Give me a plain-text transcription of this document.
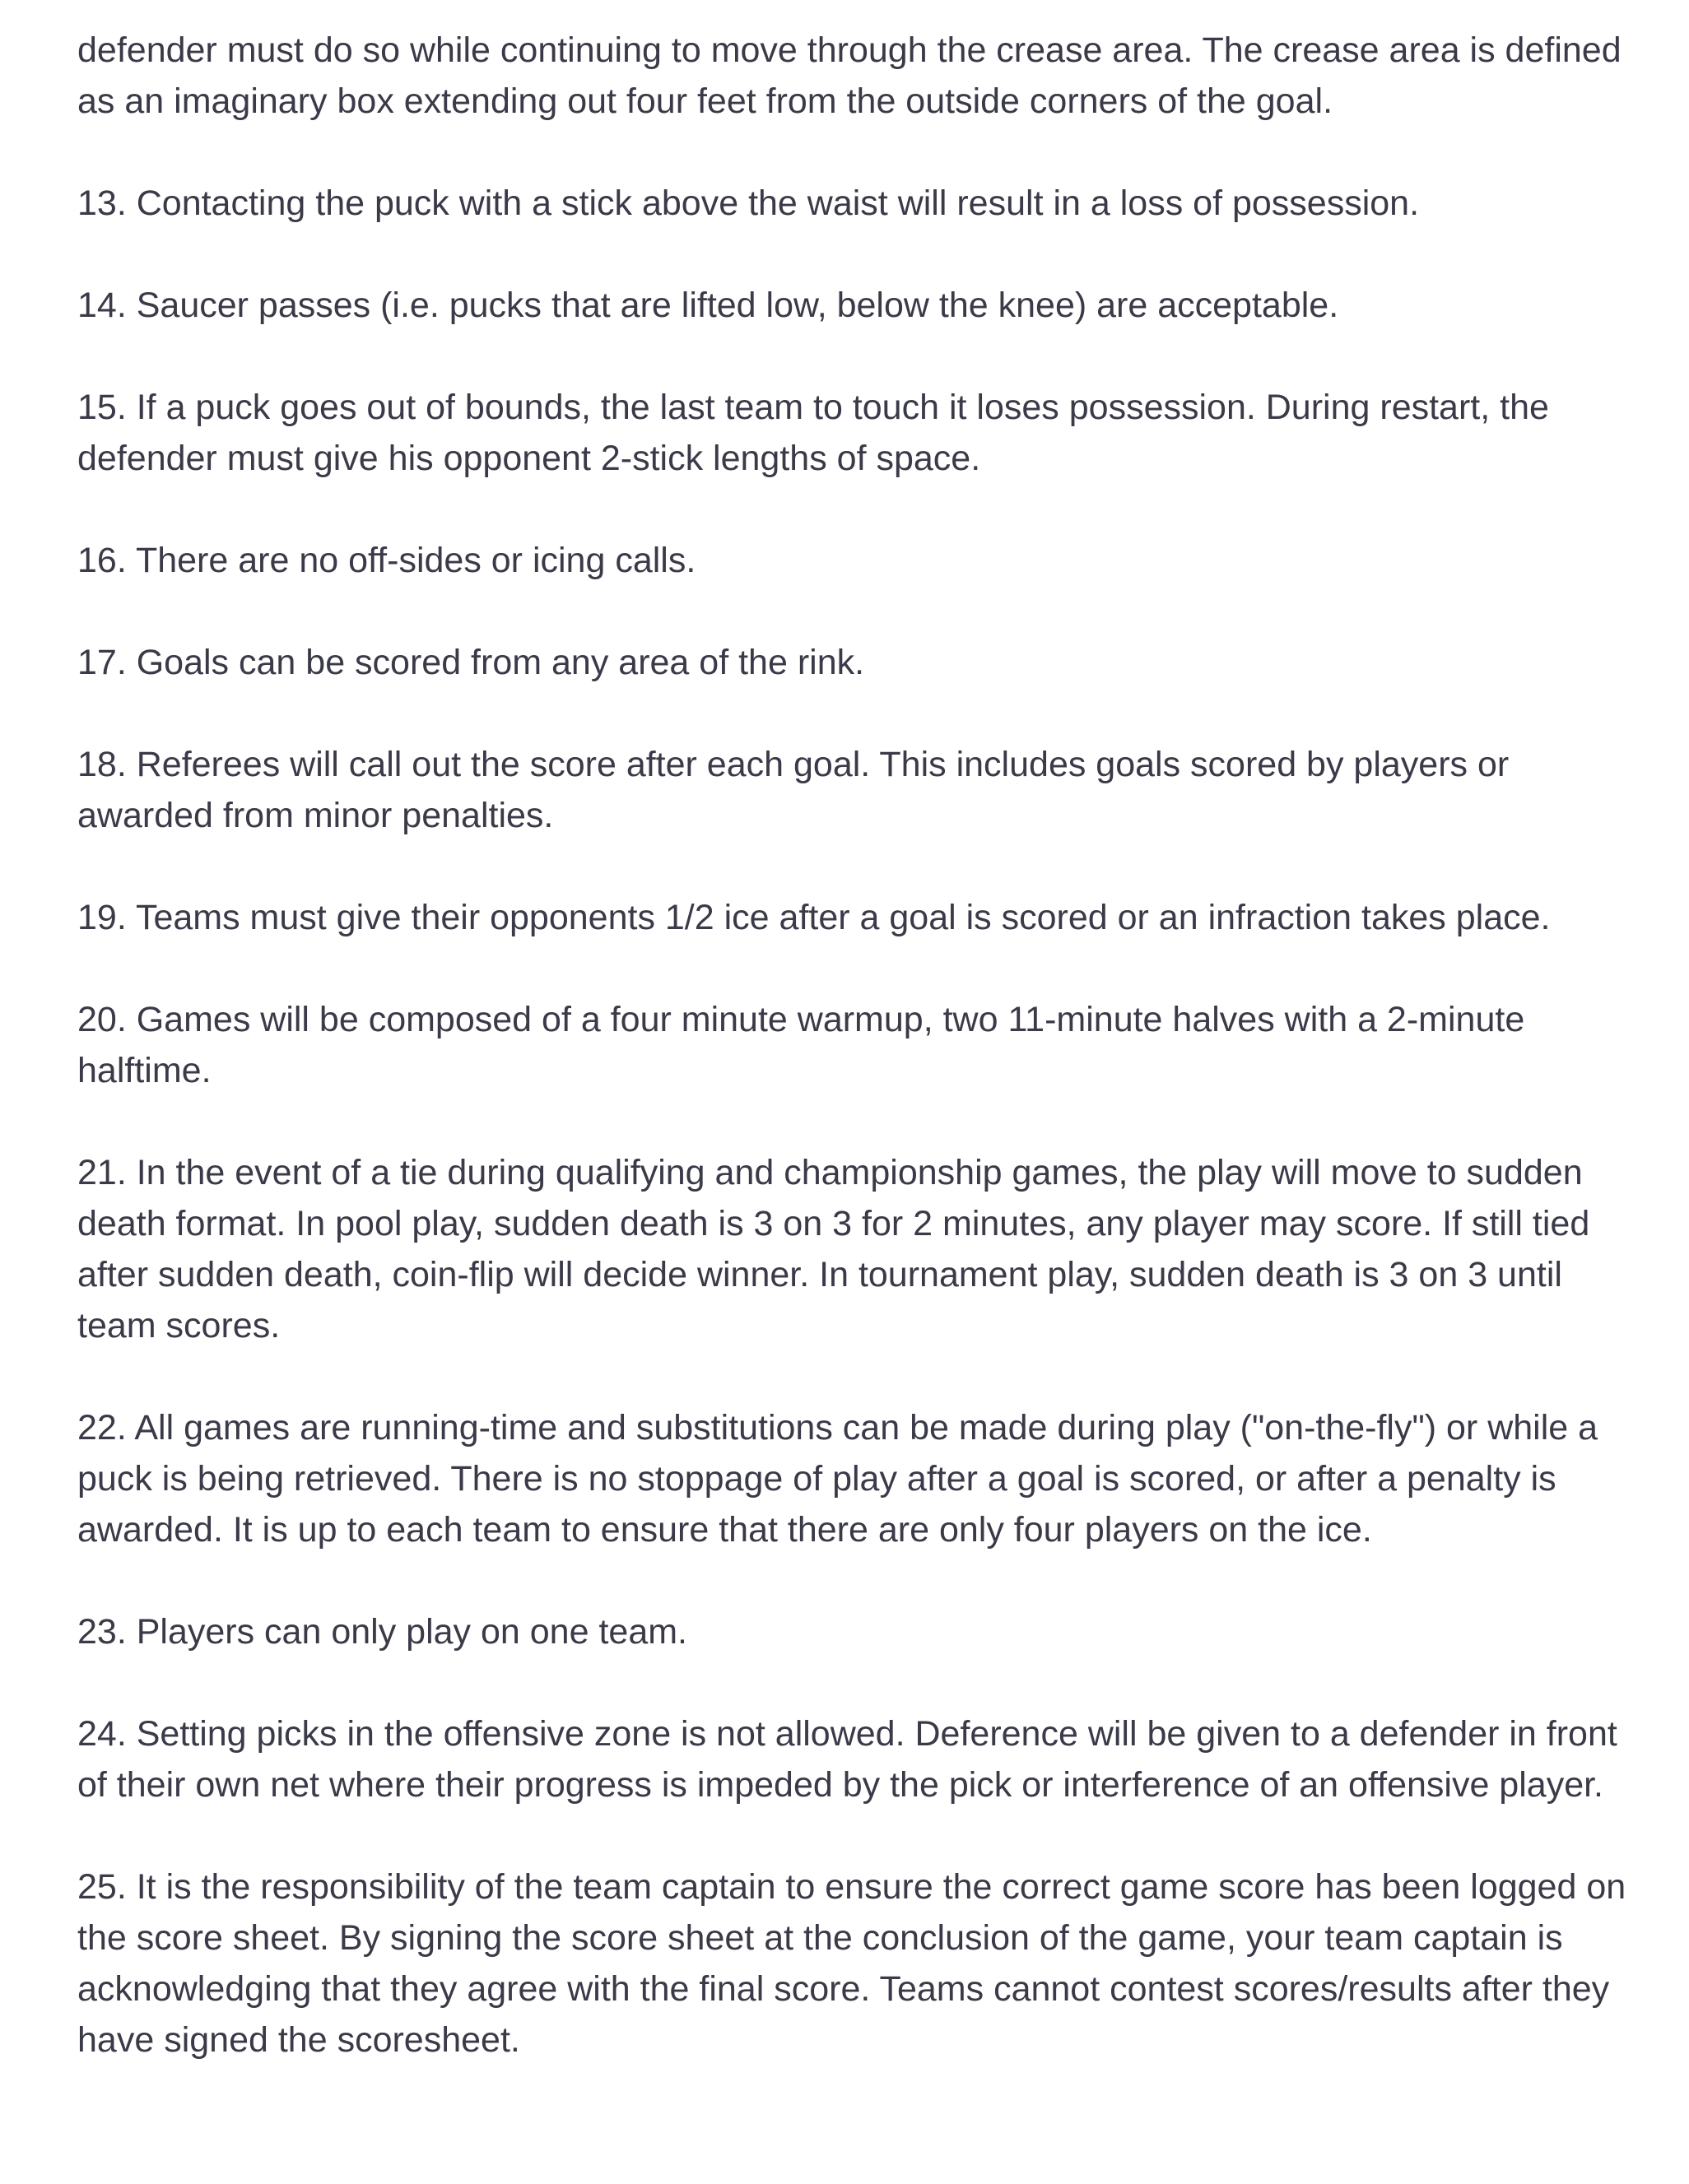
defender must do so while continuing to move through the crease area. The crease area is defined as an imaginary box extending out four feet from the outside corners of the goal.

13. Contacting the puck with a stick above the waist will result in a loss of possession.

14. Saucer passes (i.e. pucks that are lifted low, below the knee) are acceptable.

15. If a puck goes out of bounds, the last team to touch it loses possession. During restart, the defender must give his opponent 2-stick lengths of space.

16. There are no off-sides or icing calls.

17. Goals can be scored from any area of the rink.

18. Referees will call out the score after each goal. This includes goals scored by players or awarded from minor penalties.

19. Teams must give their opponents 1/2 ice after a goal is scored or an infraction takes place.

20. Games will be composed of a four minute warmup, two 11-minute halves with a 2-minute halftime.

21. In the event of a tie during qualifying and championship games, the play will move to sudden death format. In pool play, sudden death is 3 on 3 for 2 minutes, any player may score. If still tied after sudden death, coin-flip will decide winner. In tournament play, sudden death is 3 on 3 until team scores.

22. All games are running-time and substitutions can be made during play ("on-the-fly") or while a puck is being retrieved. There is no stoppage of play after a goal is scored, or after a penalty is awarded. It is up to each team to ensure that there are only four players on the ice.

23. Players can only play on one team.

24. Setting picks in the offensive zone is not allowed. Deference will be given to a defender in front of their own net where their progress is impeded by the pick or interference of an offensive player.

25. It is the responsibility of the team captain to ensure the correct game score has been logged on the score sheet. By signing the score sheet at the conclusion of the game, your team captain is acknowledging that they agree with the final score. Teams cannot contest scores/results after they have signed the scoresheet.
